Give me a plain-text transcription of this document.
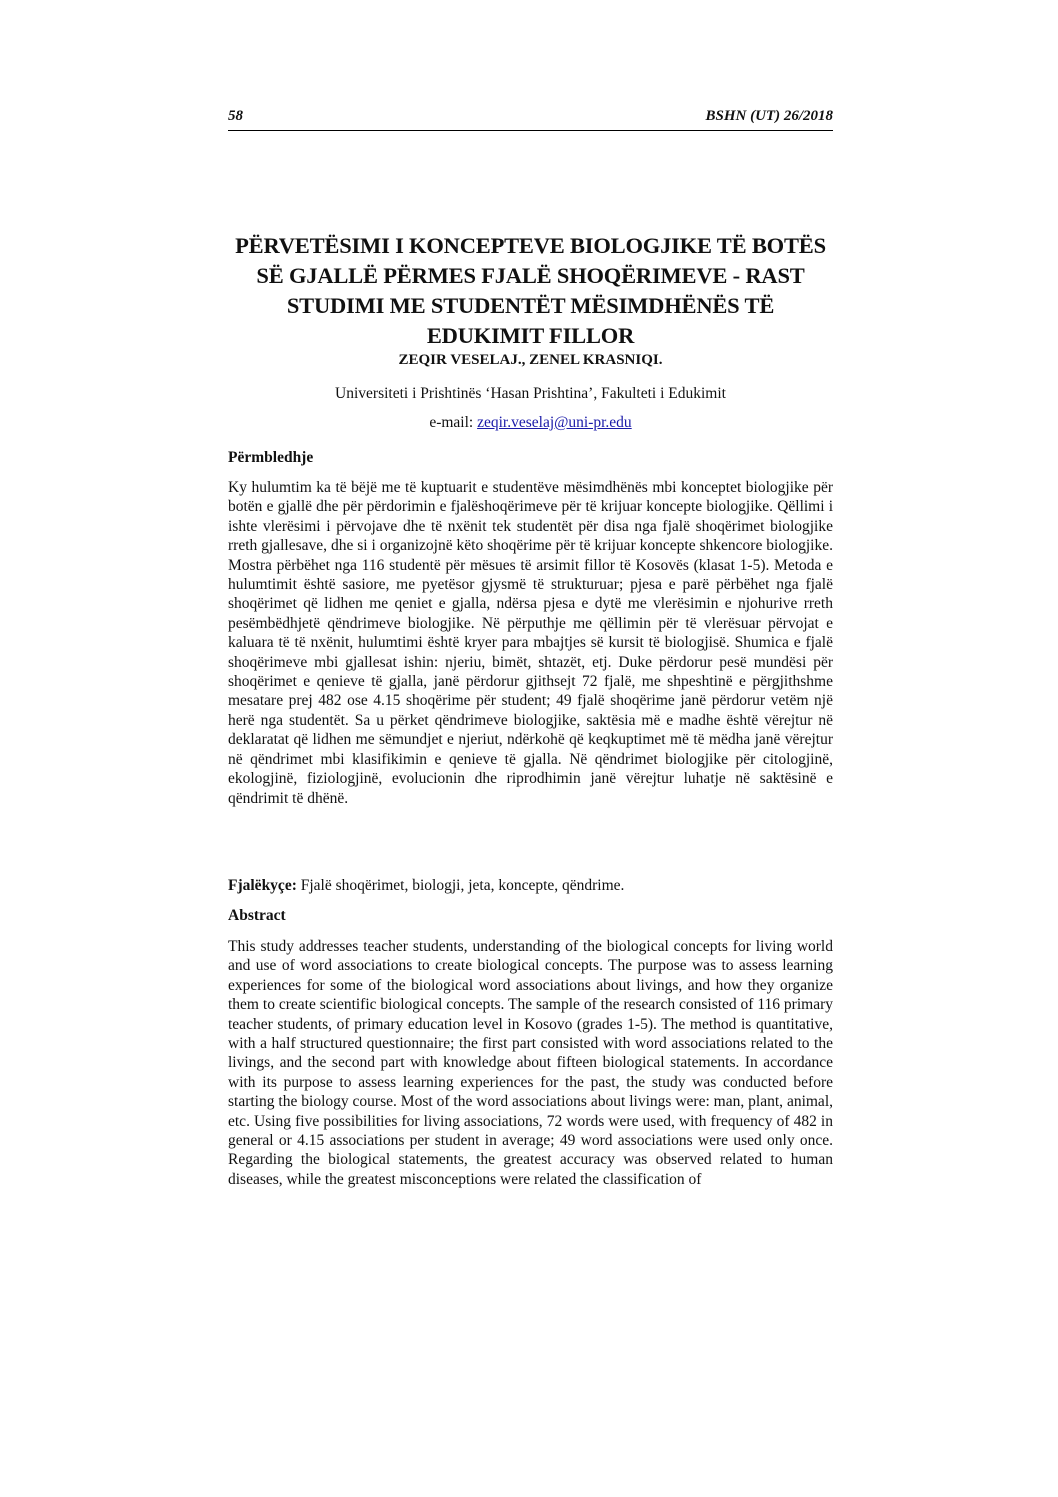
58	BSHN (UT) 26/2018
PËRVETËSIMI I KONCEPTEVE BIOLOGJIKE TË BOTËS SË GJALLË PËRMES FJALË SHOQËRIMEVE - RAST STUDIMI ME STUDENTËT MËSIMDHËNËS TË EDUKIMIT FILLOR
ZEQIR VESELAJ., ZENEL KRASNIQI.
Universiteti i Prishtinës ‘Hasan Prishtina’, Fakulteti i Edukimit
e-mail: zeqir.veselaj@uni-pr.edu
Përmbledhje

Ky hulumtim ka të bëjë me të kuptuarit e studentëve mësimdhënës mbi konceptet biologjike për botën e gjallë dhe për përdorimin e fjalëshoqërimeve për të krijuar koncepte biologjike. Qëllimi i ishte vlerësimi i përvojave dhe të nxënit tek studentët për disa nga fjalë shoqërimet biologjike rreth gjallesave, dhe si i organizojnë këto shoqërime për të krijuar koncepte shkencore biologjike. Mostra përbëhet nga 116 studentë për mësues të arsimit fillor të Kosovës (klasat 1-5). Metoda e hulumtimit është sasiore, me pyetësor gjysmë të strukturuar; pjesa e parë përbëhet nga fjalë shoqërimet që lidhen me qeniet e gjalla, ndërsa pjesa e dytë me vlerësimin e njohurive rreth pesëmbëdhjetë qëndrimeve biologjike. Në përputhje me qëllimin për të vlerësuar përvojat e kaluara të të nxënit, hulumtimi është kryer para mbajtjes së kursit të biologjisë. Shumica e fjalë shoqërimeve mbi gjallesat ishin: njeriu, bimët, shtazët, etj. Duke përdorur pesë mundësi për shoqërimet e qenieve të gjalla, janë përdorur gjithsejt 72 fjalë, me shpeshtinë e përgjithshme mesatare prej 482 ose 4.15 shoqërime për student; 49 fjalë shoqërime janë përdorur vetëm një herë nga studentët. Sa u përket qëndrimeve biologjike, saktësia më e madhe është vërejtur në deklaratat që lidhen me sëmundjet e njeriut, ndërkohë që keqkuptimet më të mëdha janë vërejtur në qëndrimet mbi klasifikimin e qenieve të gjalla. Në qëndrimet biologjike për citologjinë, ekologjinë, fiziologjinë, evolucionin dhe riprodhimin janë vërejtur luhatje në saktësinë e qëndrimit të dhënë.

Fjalëkyçe: Fjalë shoqërimet, biologji, jeta, koncepte, qëndrime.
Abstract

This study addresses teacher students, understanding of the biological concepts for living world and use of word associations to create biological concepts. The purpose was to assess learning experiences for some of the biological word associations about livings, and how they organize them to create scientific biological concepts. The sample of the research consisted of 116 primary teacher students, of primary education level in Kosovo (grades 1-5). The method is quantitative, with a half structured questionnaire; the first part consisted with word associations related to the livings, and the second part with knowledge about fifteen biological statements. In accordance with its purpose to assess learning experiences for the past, the study was conducted before starting the biology course. Most of the word associations about livings were: man, plant, animal, etc. Using five possibilities for living associations, 72 words were used, with frequency of 482 in general or 4.15 associations per student in average; 49 word associations were used only once. Regarding the biological statements, the greatest accuracy was observed related to human diseases, while the greatest misconceptions were related the classification of
